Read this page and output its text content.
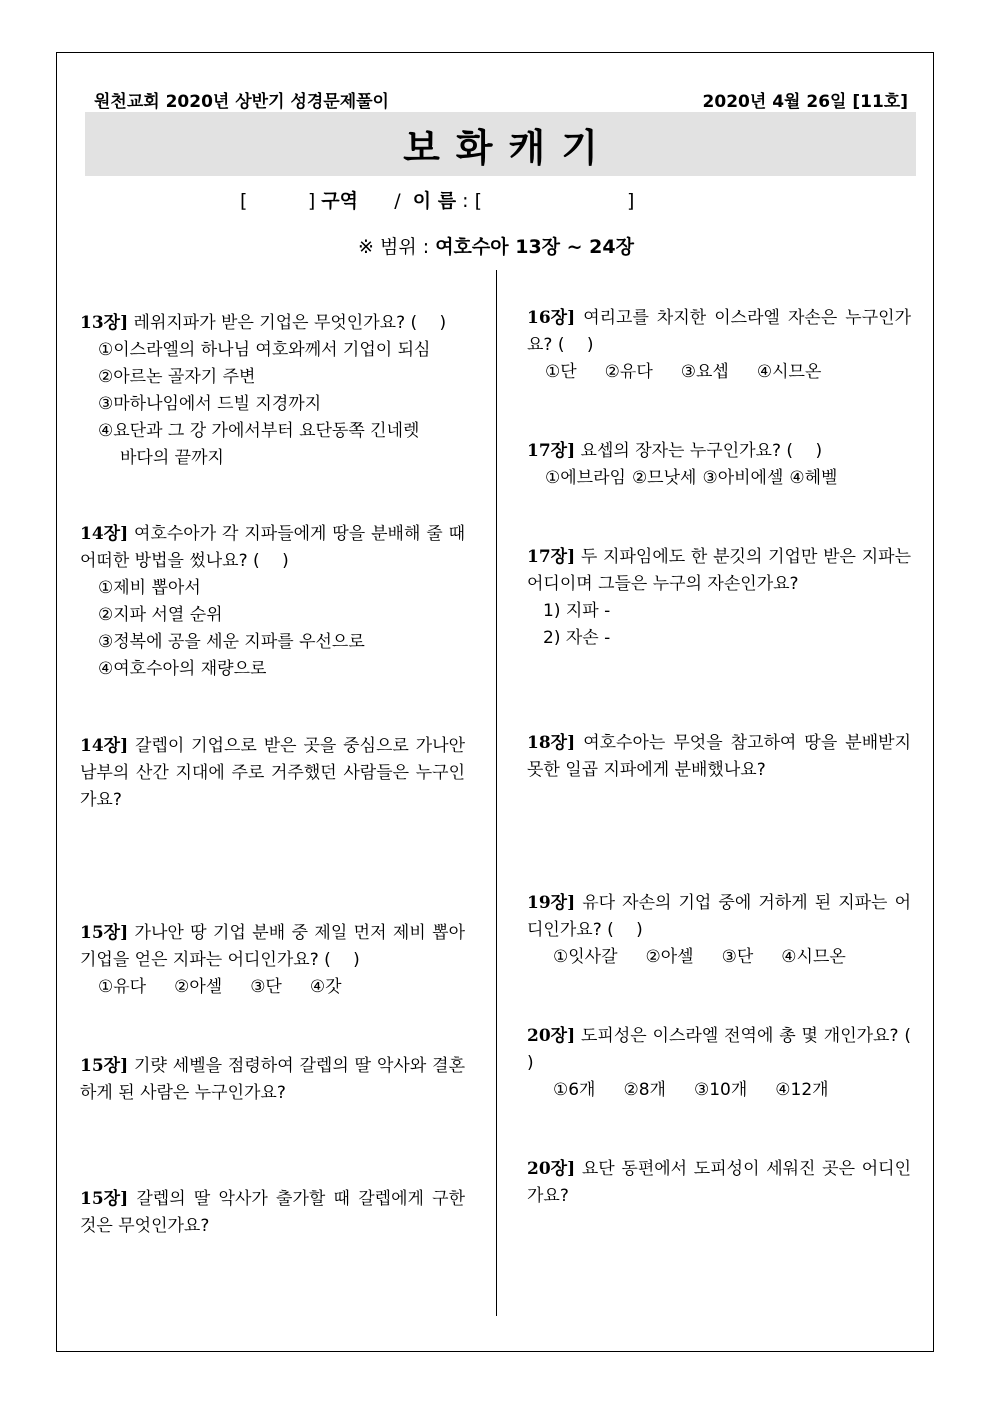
원천교회 2020년 상반기 성경문제풀이	2020년 4월 26일 [11호]
보화캐기
[	] 구역 / 이 름 : [	]
※ 범위 : 여호수아 13장 ~ 24장
13장] 레위지파가 받은 기업은 무엇인가요? (　 )
①이스라엘의 하나님 여호와께서 기업이 되심
②아르논 골자기 주변
③마하나임에서 드빌 지경까지
④요단과 그 강 가에서부터 요단동쪽 긴네렛
바다의 끝까지
14장] 여호수아가 각 지파들에게 땅을 분배해 줄 때 어떠한 방법을 썼나요? (　 )
①제비 뽑아서
②지파 서열 순위
③정복에 공을 세운 지파를 우선으로
④여호수아의 재량으로
14장] 갈렙이 기업으로 받은 곳을 중심으로 가나안 남부의 산간 지대에 주로 거주했던 사람들은 누구인가요?
15장] 가나안 땅 기업 분배 중 제일 먼저 제비 뽑아 기업을 얻은 지파는 어디인가요? (　 )
①유다 ②아셀 ③단 ④갓
15장] 기럇 세벨을 점령하여 갈렙의 딸 악사와 결혼하게 된 사람은 누구인가요?
15장] 갈렙의 딸 악사가 출가할 때 갈렙에게 구한 것은 무엇인가요?
16장] 여리고를 차지한 이스라엘 자손은 누구인가요? (　 )
①단 ②유다 ③요셉 ④시므온
17장] 요셉의 장자는 누구인가요? (　 )
①에브라임 ②므낫세 ③아비에셀 ④헤벨
17장] 두 지파임에도 한 분깃의 기업만 받은 지파는 어디이며 그들은 누구의 자손인가요?
1) 지파 -
2) 자손 -
18장] 여호수아는 무엇을 참고하여 땅을 분배받지 못한 일곱 지파에게 분배했나요?
19장] 유다 자손의 기업 중에 거하게 된 지파는 어디인가요? (　 )
①잇사갈 ②아셀 ③단 ④시므온
20장] 도피성은 이스라엘 전역에 총 몇 개인가요? (　 )
①6개 ②8개 ③10개 ④12개
20장] 요단 동편에서 도피성이 세워진 곳은 어디인가요?
